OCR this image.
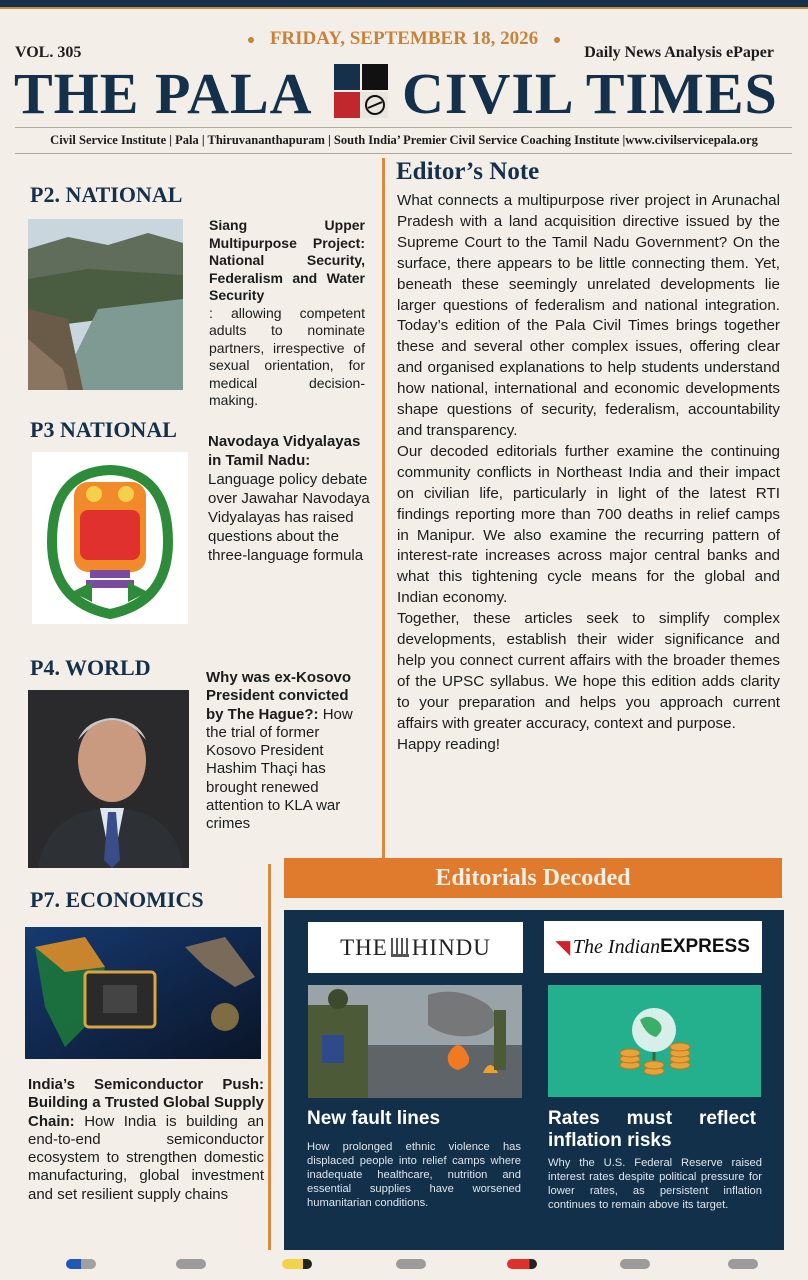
FRIDAY, SEPTEMBER 18, 2026
VOL. 305	Daily News Analysis ePaper
THE PALA CIVIL TIMES
Civil Service Institute | Pala | Thiruvananthapuram | South India’ Premier Civil Service Coaching Institute |www.civilservicepala.org
P2. NATIONAL
Siang Upper Multipurpose Project: National Security, Federalism and Water Security
: allowing competent adults to nominate partners, irrespective of sexual orientation, for medical decision-making.
P3 NATIONAL Navodaya Vidyalayas in Tamil Nadu: Language policy debate over Jawahar Navodaya Vidyalayas has raised questions about the three-language formula
P4. WORLD	Why was ex-Kosovo President convicted by The Hague?: How the trial of former Kosovo President Hashim Thaçi has brought renewed attention to KLA war crimes
P7. ECONOMICS
India’s Semiconductor Push: Building a Trusted Global Supply Chain: How India is building an end-to-end semiconductor ecosystem to strengthen domestic manufacturing, global investment and set resilient supply chains
Editor’s Note

What connects a multipurpose river project in Arunachal Pradesh with a land acquisition directive issued by the Supreme Court to the Tamil Nadu Government? On the surface, there appears to be little connecting them. Yet, beneath these seemingly unrelated developments lie larger questions of federalism and national integration. Today’s edition of the Pala Civil Times brings together these and several other complex issues, offering clear and organised explanations to help students understand how national, international and economic developments shape questions of security, federalism, accountability and transparency.

Our decoded editorials further examine the continuing community conflicts in Northeast India and their impact on civilian life, particularly in light of the latest RTI findings reporting more than 700 deaths in relief camps in Manipur. We also examine the recurring pattern of interest-rate increases across major central banks and what this tightening cycle means for the global and Indian economy.

Together, these articles seek to simplify complex developments, establish their wider significance and help you connect current affairs with the broader themes of the UPSC syllabus. We hope this edition adds clarity to your preparation and helps you approach current affairs with greater accuracy, context and purpose.

Happy reading!

Editorials Decoded
THE HINDU
New fault lines
How prolonged ethnic violence has displaced people into relief camps where inadequate healthcare, nutrition and essential supplies have worsened humanitarian conditions.
◥ The Indian EXPRESS
Rates must reflect inflation risks
Why the U.S. Federal Reserve raised interest rates despite political pressure for lower rates, as persistent inflation continues to remain above its target.
